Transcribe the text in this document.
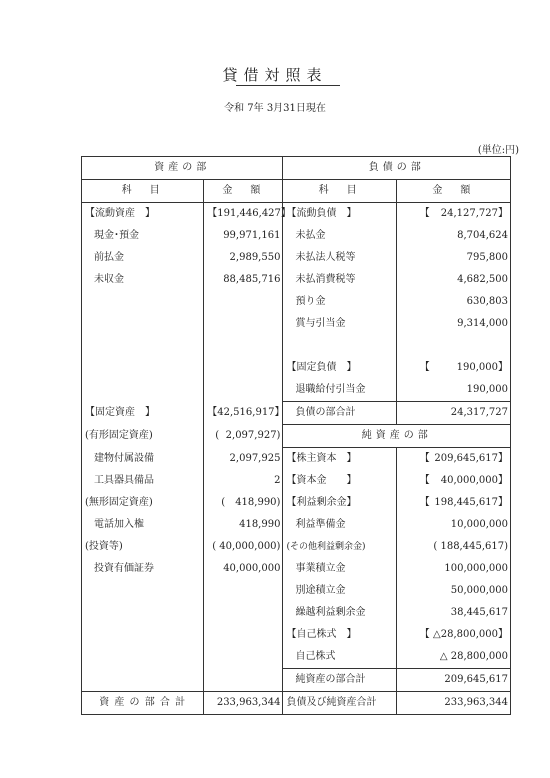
貸借対照表
令和 7年 3月31日現在
(単位:円)
資産の部		負債の部	
科　目	金　額	科　目	金　額
【流動資産　】	【 191,446,427】	【流動負債　】	【 24,127,727】
現金･預金	99,971,161	未払金	8,704,624
前払金	2,989,550	未払法人税等	795,800
未収金	88,485,716	未払消費税等	4,682,500
		預り金	630,803
		賞与引当金	9,314,000

		【固定負債　】	【 190,000】
		退職給付引当金	190,000
【固定資産　】	【 42,516,917】	負債の部合計	24,317,727
(有形固定資産)	( 2,097,927)	純資産の部	
建物付属設備	2,097,925	【株主資本　】	【 209,645,617】
工具器具備品	2	【資本金　　】	【 40,000,000】
(無形固定資産)	( 418,990)	【利益剰余金】	【 198,445,617】
電話加入権	418,990	利益準備金	10,000,000
(投資等)	( 40,000,000)	(その他利益剰余金)	( 188,445,617)
投資有価証券	40,000,000	事業積立金	100,000,000
		別途積立金	50,000,000
		繰越利益剰余金	38,445,617
		【自己株式　】	【 △28,800,000】
		自己株式	△ 28,800,000
		純資産の部合計	209,645,617
資 産 の 部 合 計	233,963,344	負債及び純資産合計	233,963,344
